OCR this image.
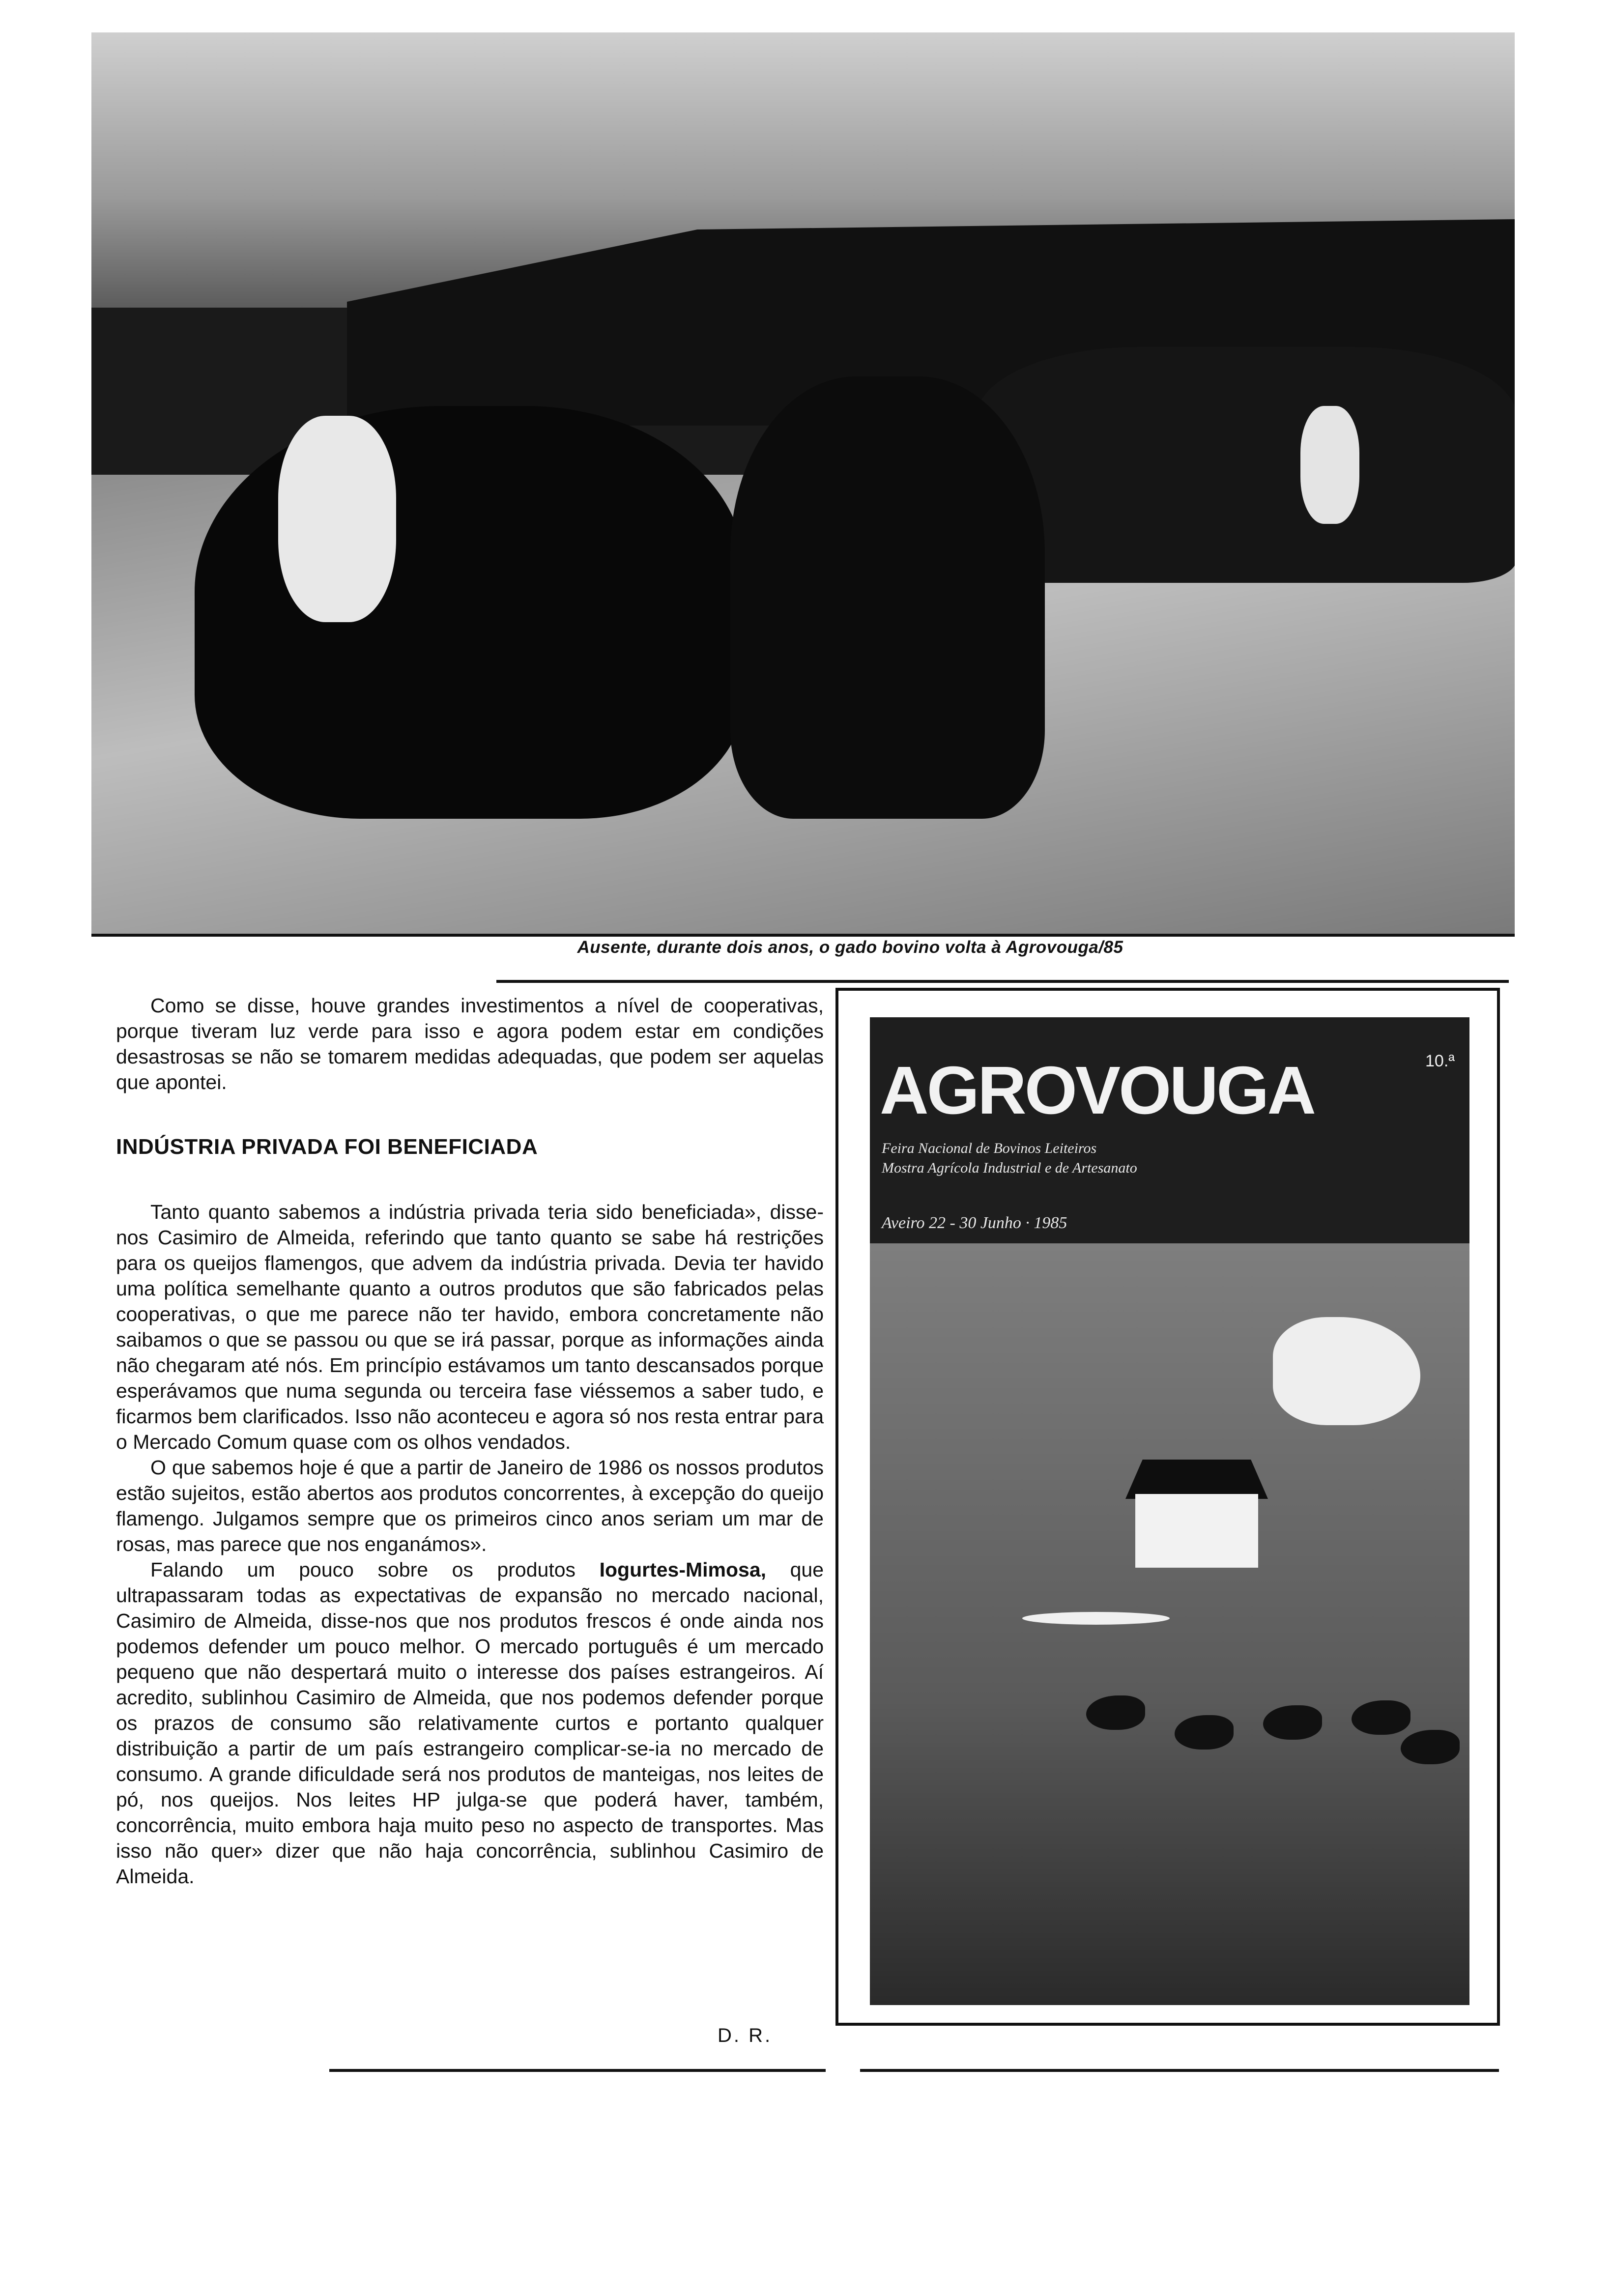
Ausente, durante dois anos, o gado bovino volta à Agrovouga/85

Como se disse, houve grandes investimentos a nível de cooperativas, porque tiveram luz verde para isso e agora podem estar em condições desastrosas se não se tomarem medidas adequadas, que podem ser aquelas que apontei.

INDÚSTRIA PRIVADA FOI BENEFICIADA

Tanto quanto sabemos a indústria privada teria sido beneficiada», disse-nos Casimiro de Almeida, referindo que tanto quanto se sabe há restrições para os queijos flamengos, que advem da indústria privada. Devia ter havido uma política semelhante quanto a outros produtos que são fabricados pelas cooperativas, o que me parece não ter havido, embora concretamente não saibamos o que se passou ou que se irá passar, porque as informações ainda não chegaram até nós. Em princípio estávamos um tanto descansados porque esperávamos que numa segunda ou terceira fase viéssemos a saber tudo, e ficarmos bem clarificados. Isso não aconteceu e agora só nos resta entrar para o Mercado Comum quase com os olhos vendados.

O que sabemos hoje é que a partir de Janeiro de 1986 os nossos produtos estão sujeitos, estão abertos aos produtos concorrentes, à excepção do queijo flamengo. Julgamos sempre que os primeiros cinco anos seriam um mar de rosas, mas parece que nos enganámos».

Falando um pouco sobre os produtos Iogurtes-Mimosa, que ultrapassaram todas as expectativas de expansão no mercado nacional, Casimiro de Almeida, disse-nos que nos produtos frescos é onde ainda nos podemos defender um pouco melhor. O mercado português é um mercado pequeno que não despertará muito o interesse dos países estrangeiros. Aí acredito, sublinhou Casimiro de Almeida, que nos podemos defender porque os prazos de consumo são relativamente curtos e portanto qualquer distribuição a partir de um país estrangeiro complicar-se-ia no mercado de consumo. A grande dificuldade será nos produtos de manteigas, nos leites de pó, nos queijos. Nos leites HP julga-se que poderá haver, também, concorrência, muito embora haja muito peso no aspecto de transportes. Mas isso não quer» dizer que não haja concorrência, sublinhou Casimiro de Almeida.

D. R.
AGROVOUGA	10.ª
Feira Nacional de Bovinos Leiteiros
Mostra Agrícola Industrial e de Artesanato
Aveiro 22 - 30 Junho · 1985
